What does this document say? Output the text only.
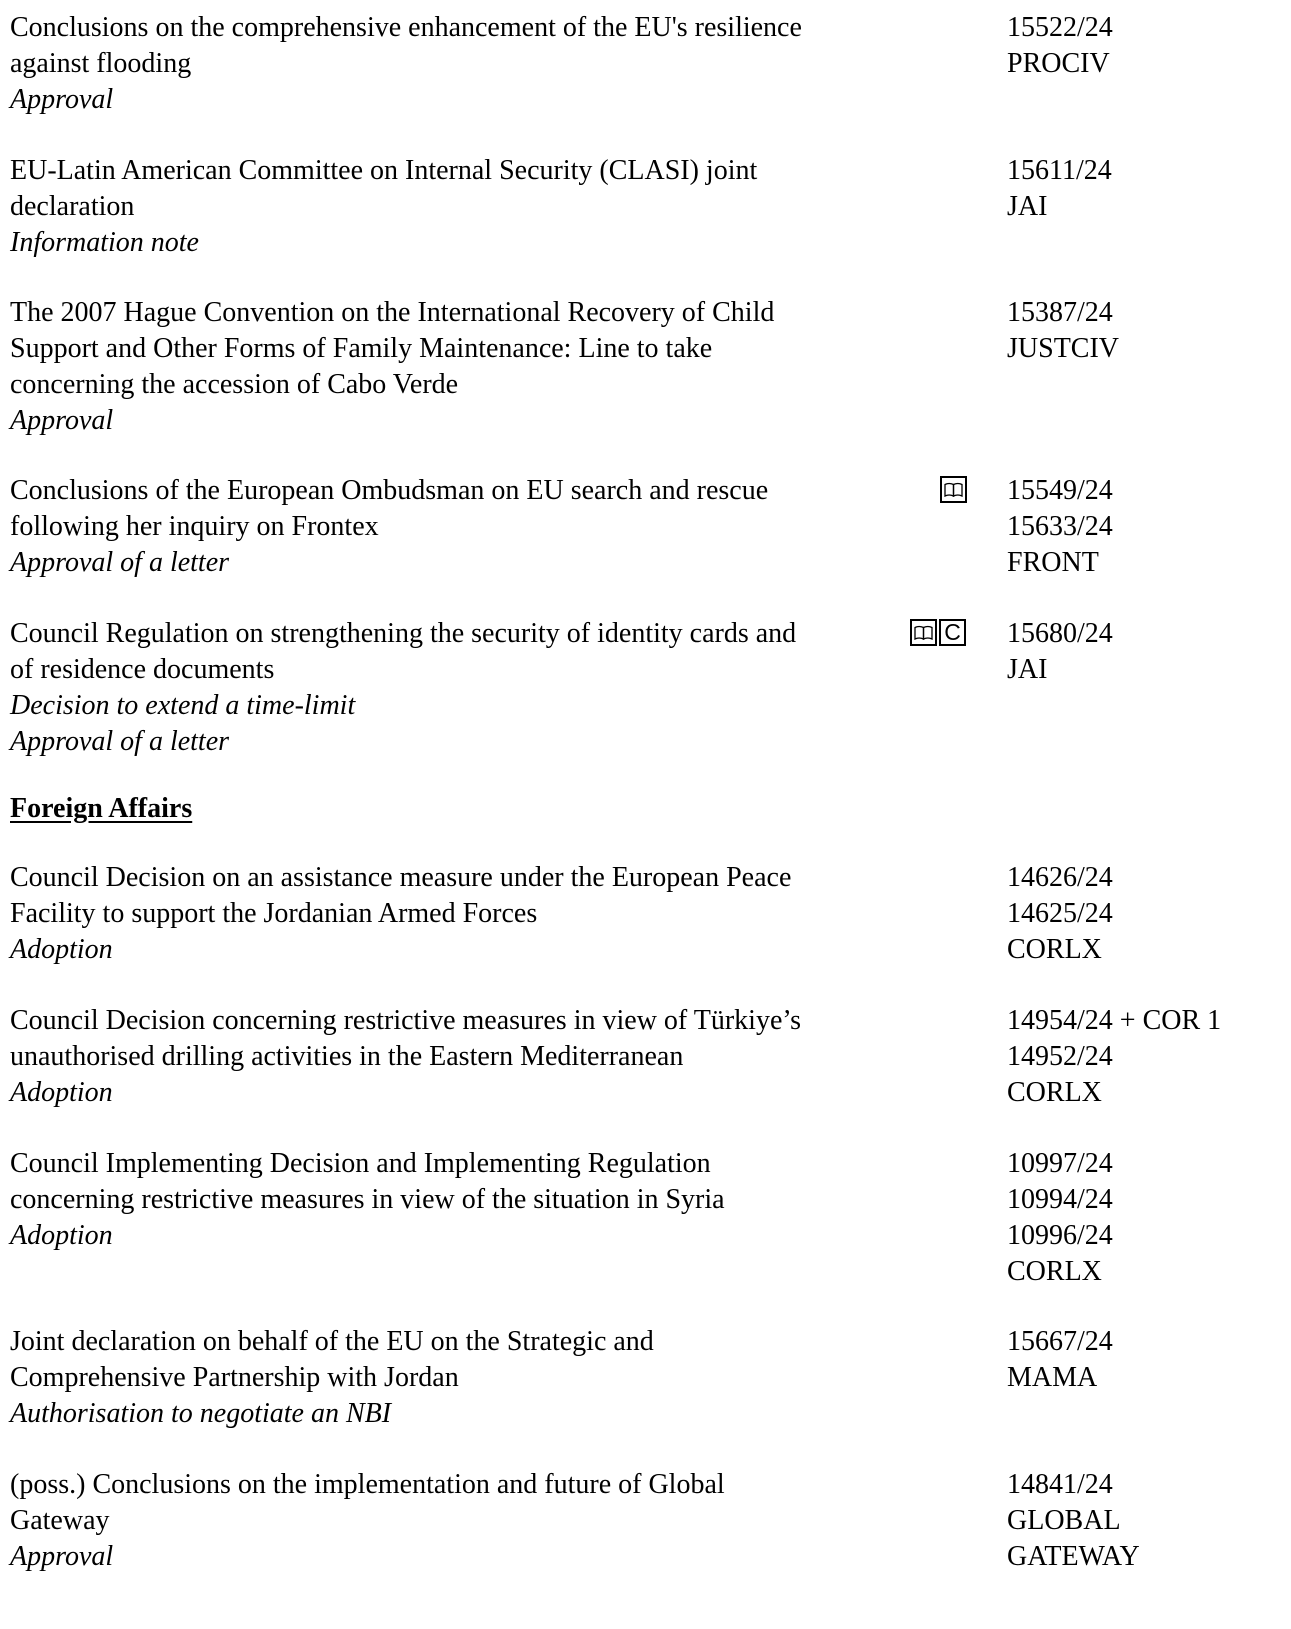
Conclusions on the comprehensive enhancement of the EU's resilience
against flooding
Approval
15522/24
PROCIV
EU-Latin American Committee on Internal Security (CLASI) joint
declaration
Information note
15611/24
JAI
The 2007 Hague Convention on the International Recovery of Child
Support and Other Forms of Family Maintenance: Line to take
concerning the accession of Cabo Verde
Approval
15387/24
JUSTCIV
Conclusions of the European Ombudsman on EU search and rescue
following her inquiry on Frontex
Approval of a letter
15549/24
15633/24
FRONT
Council Regulation on strengthening the security of identity cards and
of residence documents
Decision to extend a time-limit
Approval of a letter
C 15680/24
JAI
Foreign Affairs
Council Decision on an assistance measure under the European Peace
Facility to support the Jordanian Armed Forces
Adoption
14626/24
14625/24
CORLX
Council Decision concerning restrictive measures in view of Türkiye’s
unauthorised drilling activities in the Eastern Mediterranean
Adoption
14954/24 + COR 1
14952/24
CORLX
Council Implementing Decision and Implementing Regulation
concerning restrictive measures in view of the situation in Syria
Adoption
10997/24
10994/24
10996/24
CORLX
Joint declaration on behalf of the EU on the Strategic and
Comprehensive Partnership with Jordan
Authorisation to negotiate an NBI
15667/24
MAMA
(poss.) Conclusions on the implementation and future of Global
Gateway
Approval
14841/24
GLOBAL
GATEWAY
